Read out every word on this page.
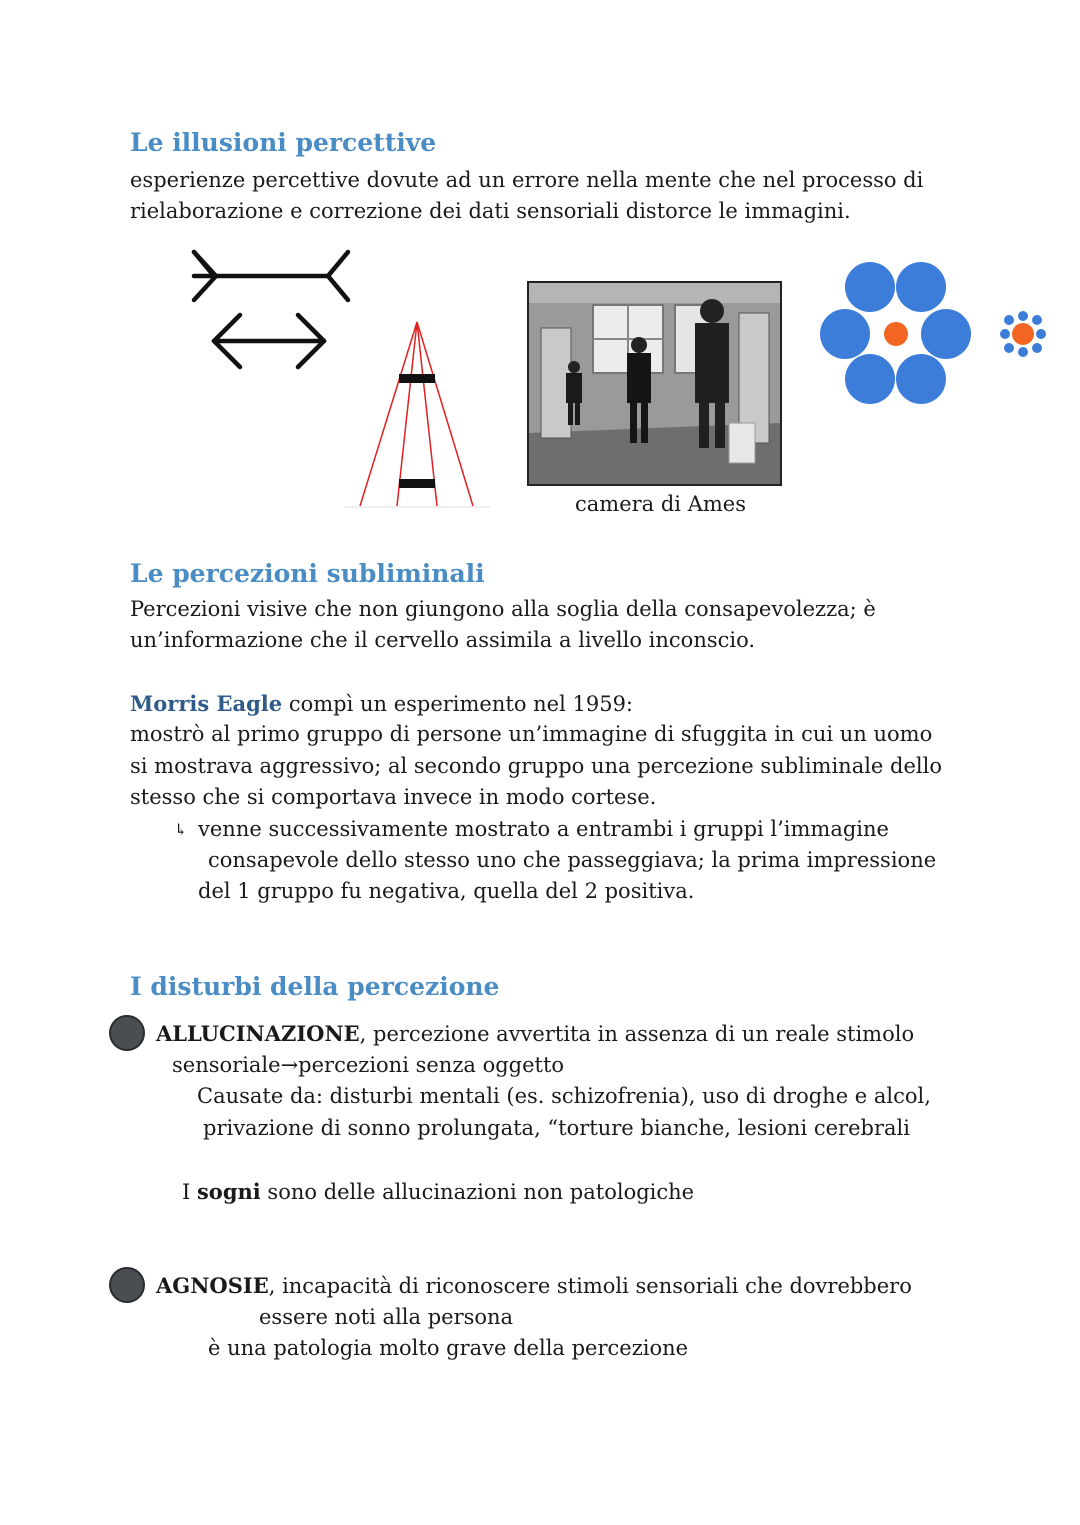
Le illusioni percettive
esperienze percettive dovute ad un errore nella mente che nel processo di
rielaborazione e correzione dei dati sensoriali distorce le immagini.
camera di Ames
Le percezioni subliminali
Percezioni visive che non giungono alla soglia della consapevolezza; è
un’informazione che il cervello assimila a livello inconscio.
Morris Eagle compì un esperimento nel 1959:
mostrò al primo gruppo di persone un’immagine di sfuggita in cui un uomo
si mostrava aggressivo; al secondo gruppo una percezione subliminale dello
stesso che si comportava invece in modo cortese.
↳ venne successivamente mostrato a entrambi i gruppi l’immagine
consapevole dello stesso uno che passeggiava; la prima impressione
del 1 gruppo fu negativa, quella del 2 positiva.
I disturbi della percezione
ALLUCINAZIONE, percezione avvertita in assenza di un reale stimolo
sensoriale→percezioni senza oggetto
Causate da: disturbi mentali (es. schizofrenia), uso di droghe e alcol,
privazione di sonno prolungata, “torture bianche, lesioni cerebrali
I sogni sono delle allucinazioni non patologiche
AGNOSIE, incapacità di riconoscere stimoli sensoriali che dovrebbero
essere noti alla persona
è una patologia molto grave della percezione
